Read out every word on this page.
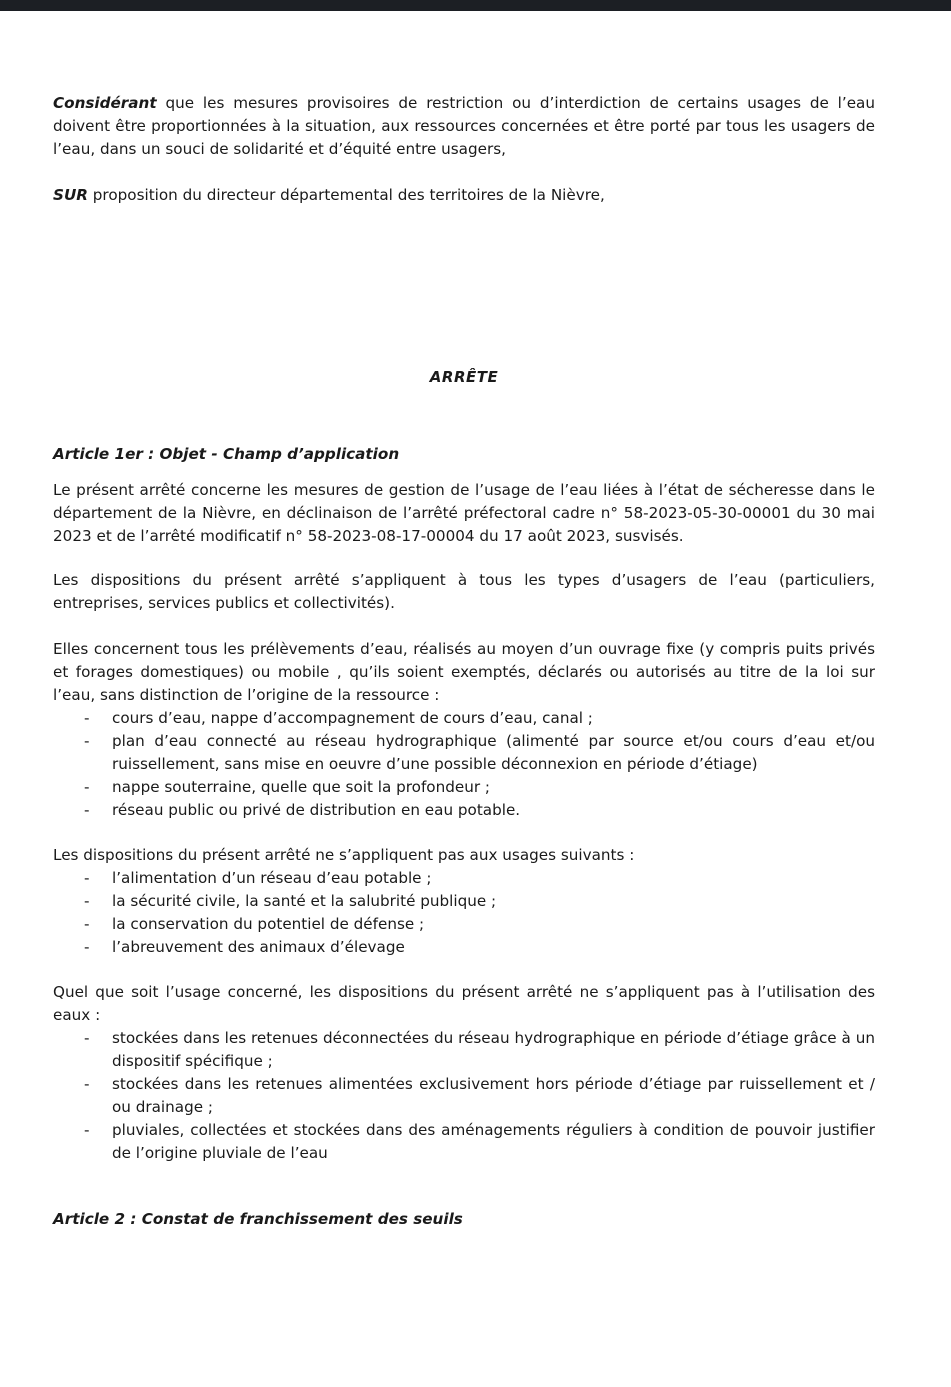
Considérant que les mesures provisoires de restriction ou d’interdiction de certains usages de l’eau doivent être proportionnées à la situation, aux ressources concernées et être porté par tous les usagers de l’eau, dans un souci de solidarité et d’équité entre usagers,

SUR proposition du directeur départemental des territoires de la Nièvre,

ARRÊTE
Article 1er : Objet - Champ d’application

Le présent arrêté concerne les mesures de gestion de l’usage de l’eau liées à l’état de sécheresse dans le département de la Nièvre, en déclinaison de l’arrêté préfectoral cadre n° 58-2023-05-30-00001 du 30 mai 2023 et de l’arrêté modificatif n° 58-2023-08-17-00004 du 17 août 2023, susvisés.

Les dispositions du présent arrêté s’appliquent à tous les types d’usagers de l’eau (particuliers, entreprises, services publics et collectivités).

Elles concernent tous les prélèvements d’eau, réalisés au moyen d’un ouvrage fixe (y compris puits privés et forages domestiques) ou mobile , qu’ils soient exemptés, déclarés ou autorisés au titre de la loi sur l’eau, sans distinction de l’origine de la ressource :

- cours d’eau, nappe d’accompagnement de cours d’eau, canal ;
- plan d’eau connecté au réseau hydrographique (alimenté par source et/ou cours d’eau et/ou ruissellement, sans mise en oeuvre d’une possible déconnexion en période d’étiage)
- nappe souterraine, quelle que soit la profondeur ;
- réseau public ou privé de distribution en eau potable.

Les dispositions du présent arrêté ne s’appliquent pas aux usages suivants :

- l’alimentation d’un réseau d’eau potable ;
- la sécurité civile, la santé et la salubrité publique ;
- la conservation du potentiel de défense ;
- l’abreuvement des animaux d’élevage

Quel que soit l’usage concerné, les dispositions du présent arrêté ne s’appliquent pas à l’utilisation des eaux :

- stockées dans les retenues déconnectées du réseau hydrographique en période d’étiage grâce à un dispositif spécifique ;
- stockées dans les retenues alimentées exclusivement hors période d’étiage par ruissellement et / ou drainage ;
- pluviales, collectées et stockées dans des aménagements réguliers à condition de pouvoir justifier de l’origine pluviale de l’eau
Article 2 : Constat de franchissement des seuils
